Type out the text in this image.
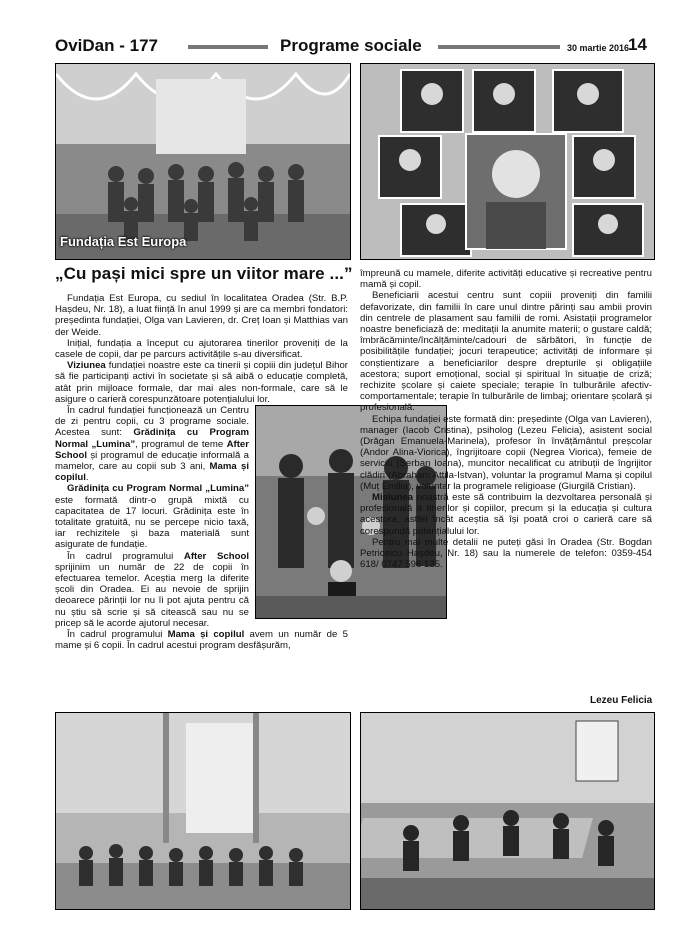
OviDan - 177	Programe sociale	30 martie 2016
14
Fundația Est Europa
„Cu pași mici spre un viitor mare ...”

Fundația Est Europa, cu sediul în localitatea Oradea (Str. B.P. Hașdeu, Nr. 18), a luat ființă în anul 1999 și are ca membri fondatori: președinta fundației, Olga van Lavieren, dr. Creț Ioan și Matthias van der Weide.

Inițial, fundația a început cu ajutorarea tinerilor proveniți de la casele de copii, dar pe parcurs activitățile s-au diversificat.

Viziunea fundației noastre este ca tinerii și copiii din județul Bihor să fie participanți activi în societate și să aibă o educație completă, atât prin mijloace formale, dar mai ales non-formale, care să le asigure o carieră corespunzătoare potențialului lor.

În cadrul fundației funcționează un Centru de zi pentru copii, cu 3 programe sociale. Acestea sunt: Grădinița cu Program Normal „Lumina”, programul de teme After School și programul de educație informală a mamelor, care au copii sub 3 ani, Mama și copilul.

Grădinița cu Program Normal „Lumina” este formată dintr-o grupă mixtă cu capacitatea de 17 locuri. Grădinița este în totalitate gratuită, nu se percepe nicio taxă, iar rechizitele și baza materială sunt asigurate de fundație.

În cadrul programului After School sprijinim un număr de 22 de copii în efectuarea temelor. Aceștia merg la diferite școli din Oradea. Ei au nevoie de sprijin deoarece părinții lor nu îi pot ajuta pentru că nu știu să scrie și să citească sau nu se pricep să le acorde ajutorul necesar.

În cadrul programului Mama și copilul avem un număr de 5 mame și 6 copii. În cadrul acestui program desfășurăm,

împreună cu mamele, diferite activități educative și recreative pentru mamă și copil.

Beneficiarii acestui centru sunt copiii proveniți din familii defavorizate, din familii în care unul dintre părinți sau ambii provin din centrele de plasament sau familii de romi. Asistații programelor noastre beneficiază de: meditații la anumite materii; o gustare caldă; îmbrăcăminte/încălțăminte/cadouri de sărbători, în funcție de posibilitățile fundației; jocuri terapeutice; activități de informare și conștientizare a beneficiarilor despre drepturile și obligațiile acestora; suport emoțional, social și spiritual în situație de criză; rechizite școlare și caiete speciale; terapie în tulburările afectiv-comportamentale; terapie în tulburările de limbaj; orientare școlară și profesională.

Echipa fundației este formată din: președinte (Olga van Lavieren), manager (Iacob Cristina), psiholog (Lezeu Felicia), asistent social (Drăgan Emanuela-Marinela), profesor în învățământul preșcolar (Andor Alina-Viorica), îngrijitoare copii (Negrea Viorica), femeie de serviciu (Șerban Ioana), muncitor necalificat cu atribuții de îngrijitor clădiri (Abraham Attila-Istvan), voluntar la programul Mama și copilul (Muț Emilia), voluntar la programele religioase (Giurgilă Cristian).

Misiunea noastră este să contribuim la dezvoltarea personală și profesională a tinerilor și copiilor, precum și la educația și cultura acestora, astfel încât aceștia să își poată croi o carieră care să corespundă potențialului lor.

Pentru mai multe detalii ne puteți găsi în Oradea (Str. Bogdan Petriceicu Hașdeu, Nr. 18) sau la numerele de telefon: 0359-454 618/ 0747 596 125.

Lezeu Felicia
